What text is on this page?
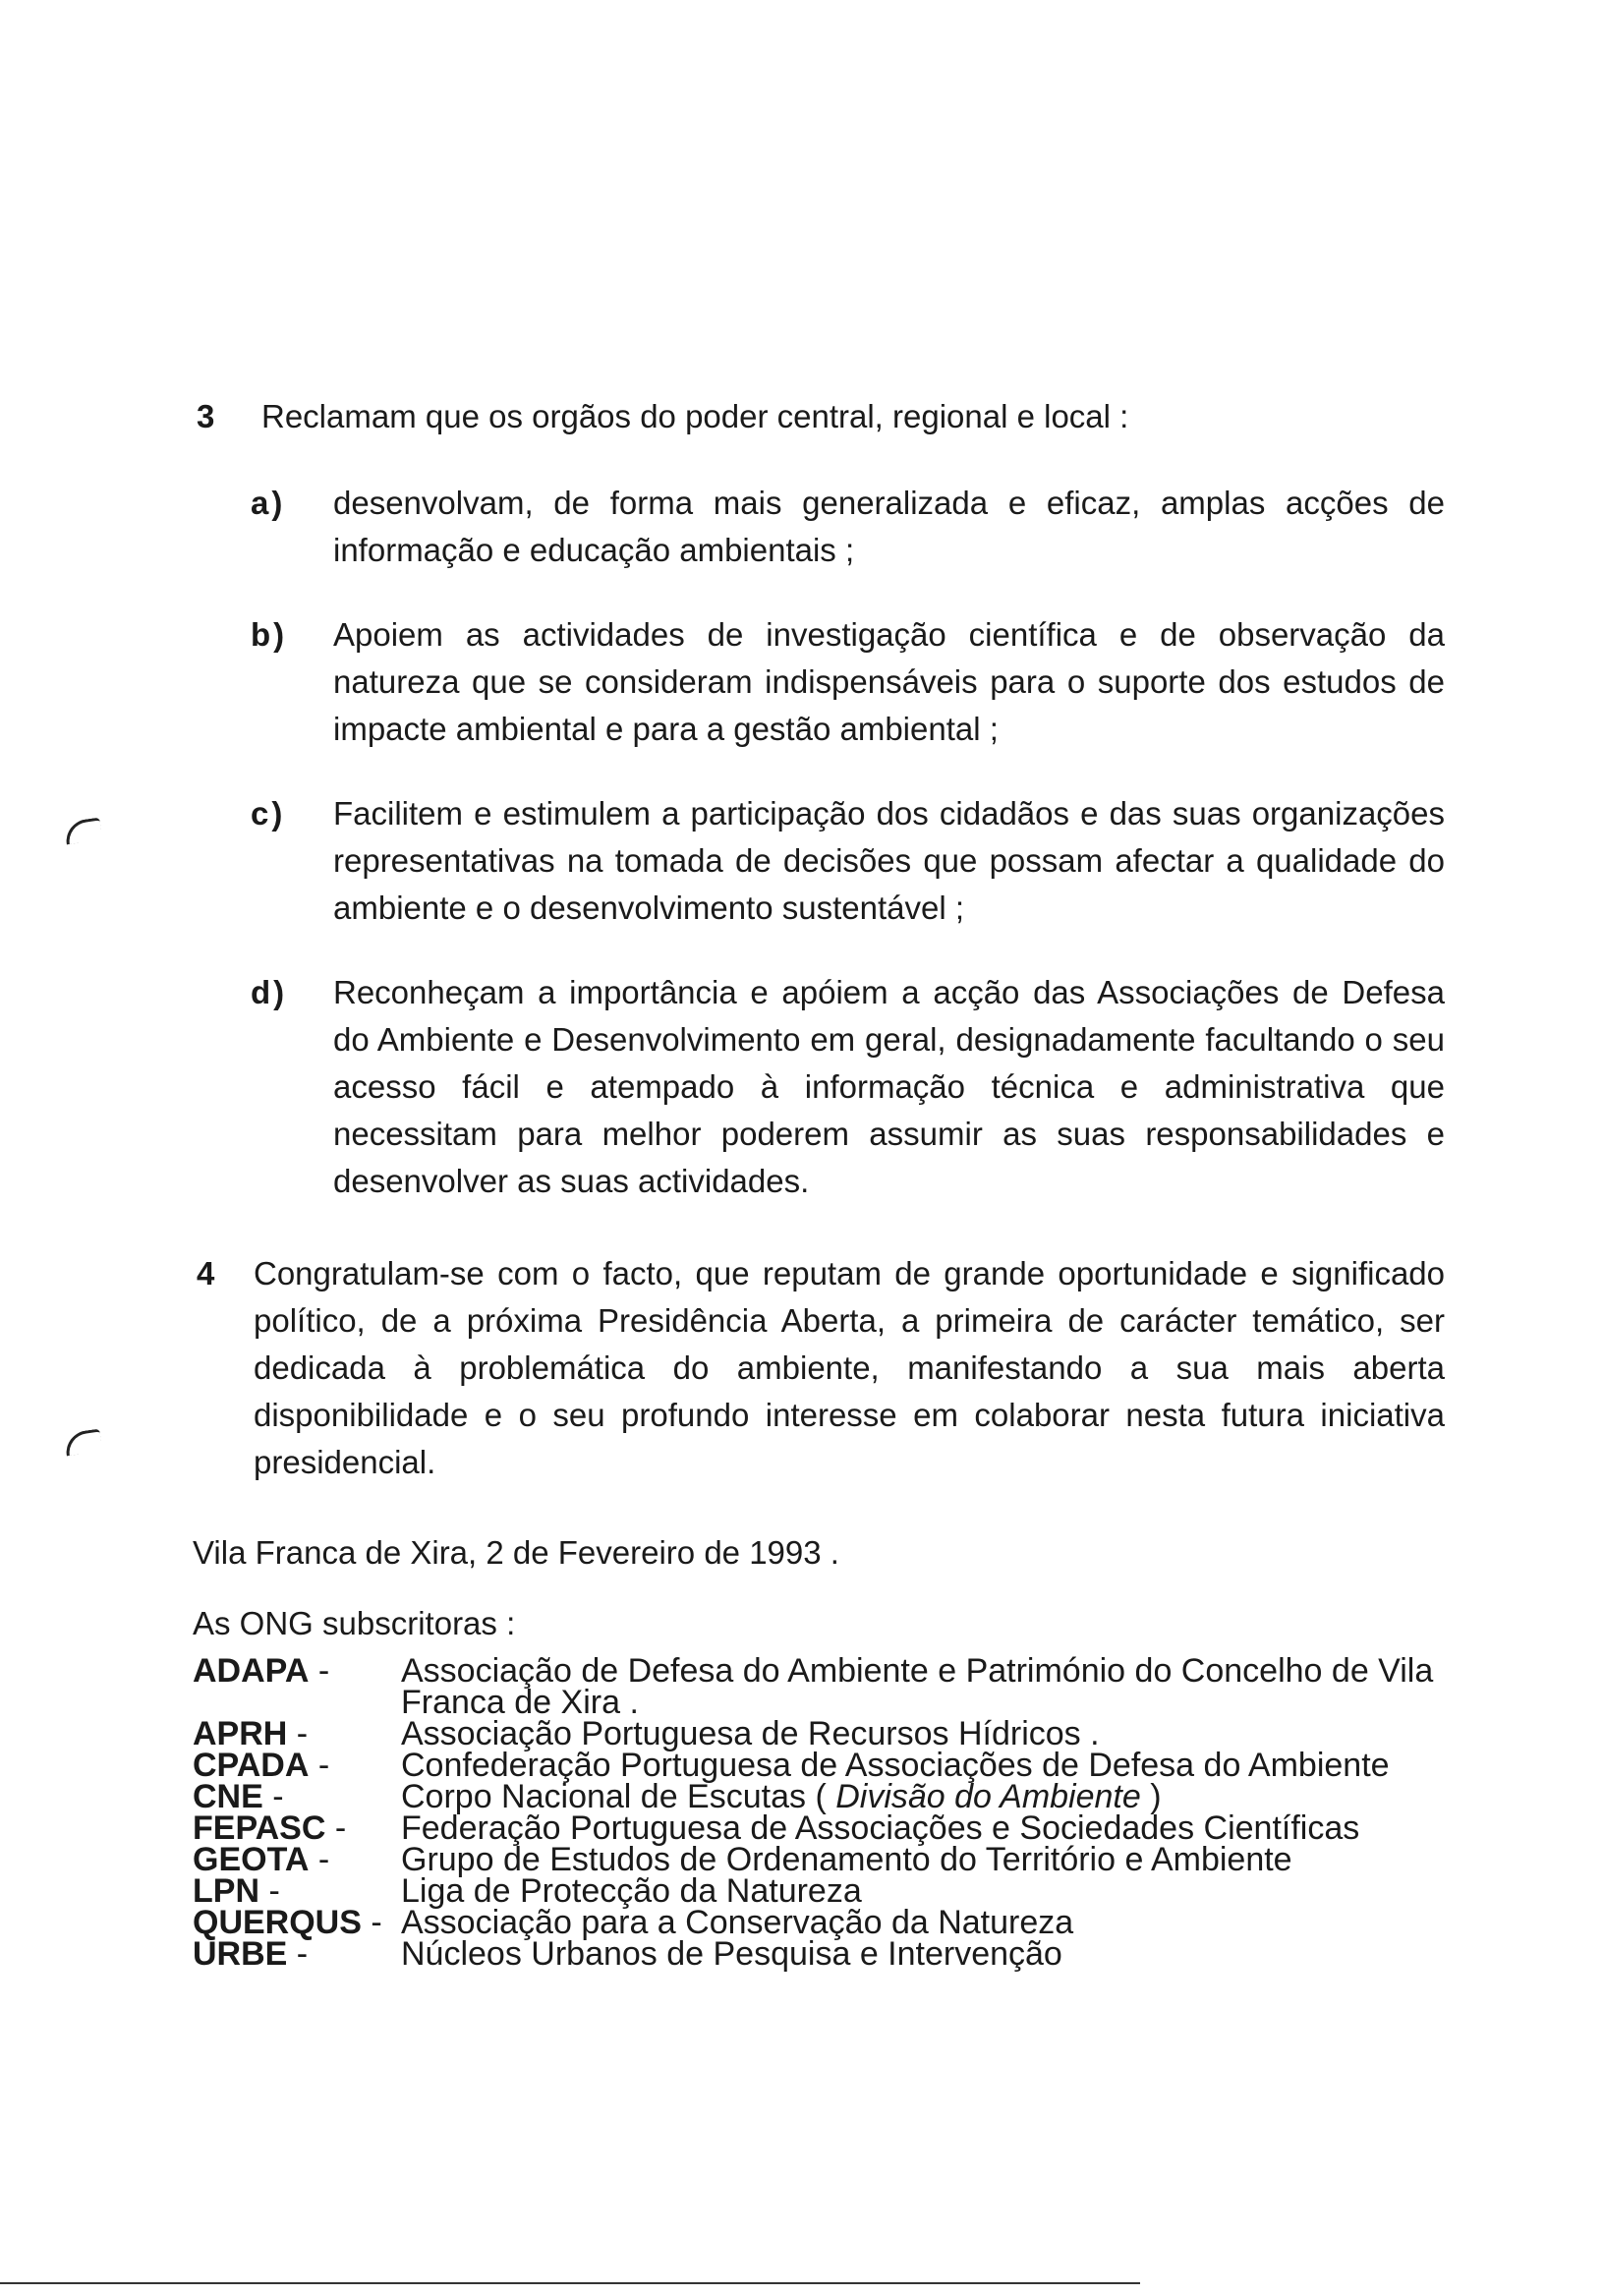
3 Reclamam que os orgãos do poder central, regional e local :
a) desenvolvam, de forma mais generalizada e eficaz, amplas acções de informação e educação ambientais ;
b) Apoiem as actividades de investigação científica e de observação da natureza que se consideram indispensáveis para o suporte dos estudos de impacte ambiental e para a gestão ambiental ;
c) Facilitem e estimulem a participação dos cidadãos e das suas organizações representativas na tomada de decisões que possam afectar a qualidade do ambiente e o desenvolvimento sustentável ;
d) Reconheçam a importância e apóiem a acção das Associações de Defesa do Ambiente e Desenvolvimento em geral, designadamente facultando o seu acesso fácil e atempado à informação técnica e administrativa que necessitam para melhor poderem assumir as suas responsabilidades e desenvolver as suas actividades.
4 Congratulam-se com o facto, que reputam de grande oportunidade e significado político, de a próxima Presidência Aberta, a primeira de carácter temático, ser dedicada à problemática do ambiente, manifestando a sua mais aberta disponibilidade e o seu profundo interesse em colaborar nesta futura iniciativa presidencial.
Vila Franca de Xira, 2 de Fevereiro de 1993 .
As ONG subscritoras :
ADAPA -	Associação de Defesa do Ambiente e Património do Concelho de Vila Franca de Xira .
APRH -	Associação Portuguesa de Recursos Hídricos .
CPADA -	Confederação Portuguesa de Associações de Defesa do Ambiente
CNE -	Corpo Nacional de Escutas ( Divisão do Ambiente )
FEPASC -	Federação Portuguesa de Associações e Sociedades Científicas
GEOTA -	Grupo de Estudos de Ordenamento do Território e Ambiente
LPN -	Liga de Protecção da Natureza
QUERQUS - Associação para a Conservação da Natureza
URBE -	Núcleos Urbanos de Pesquisa e Intervenção
